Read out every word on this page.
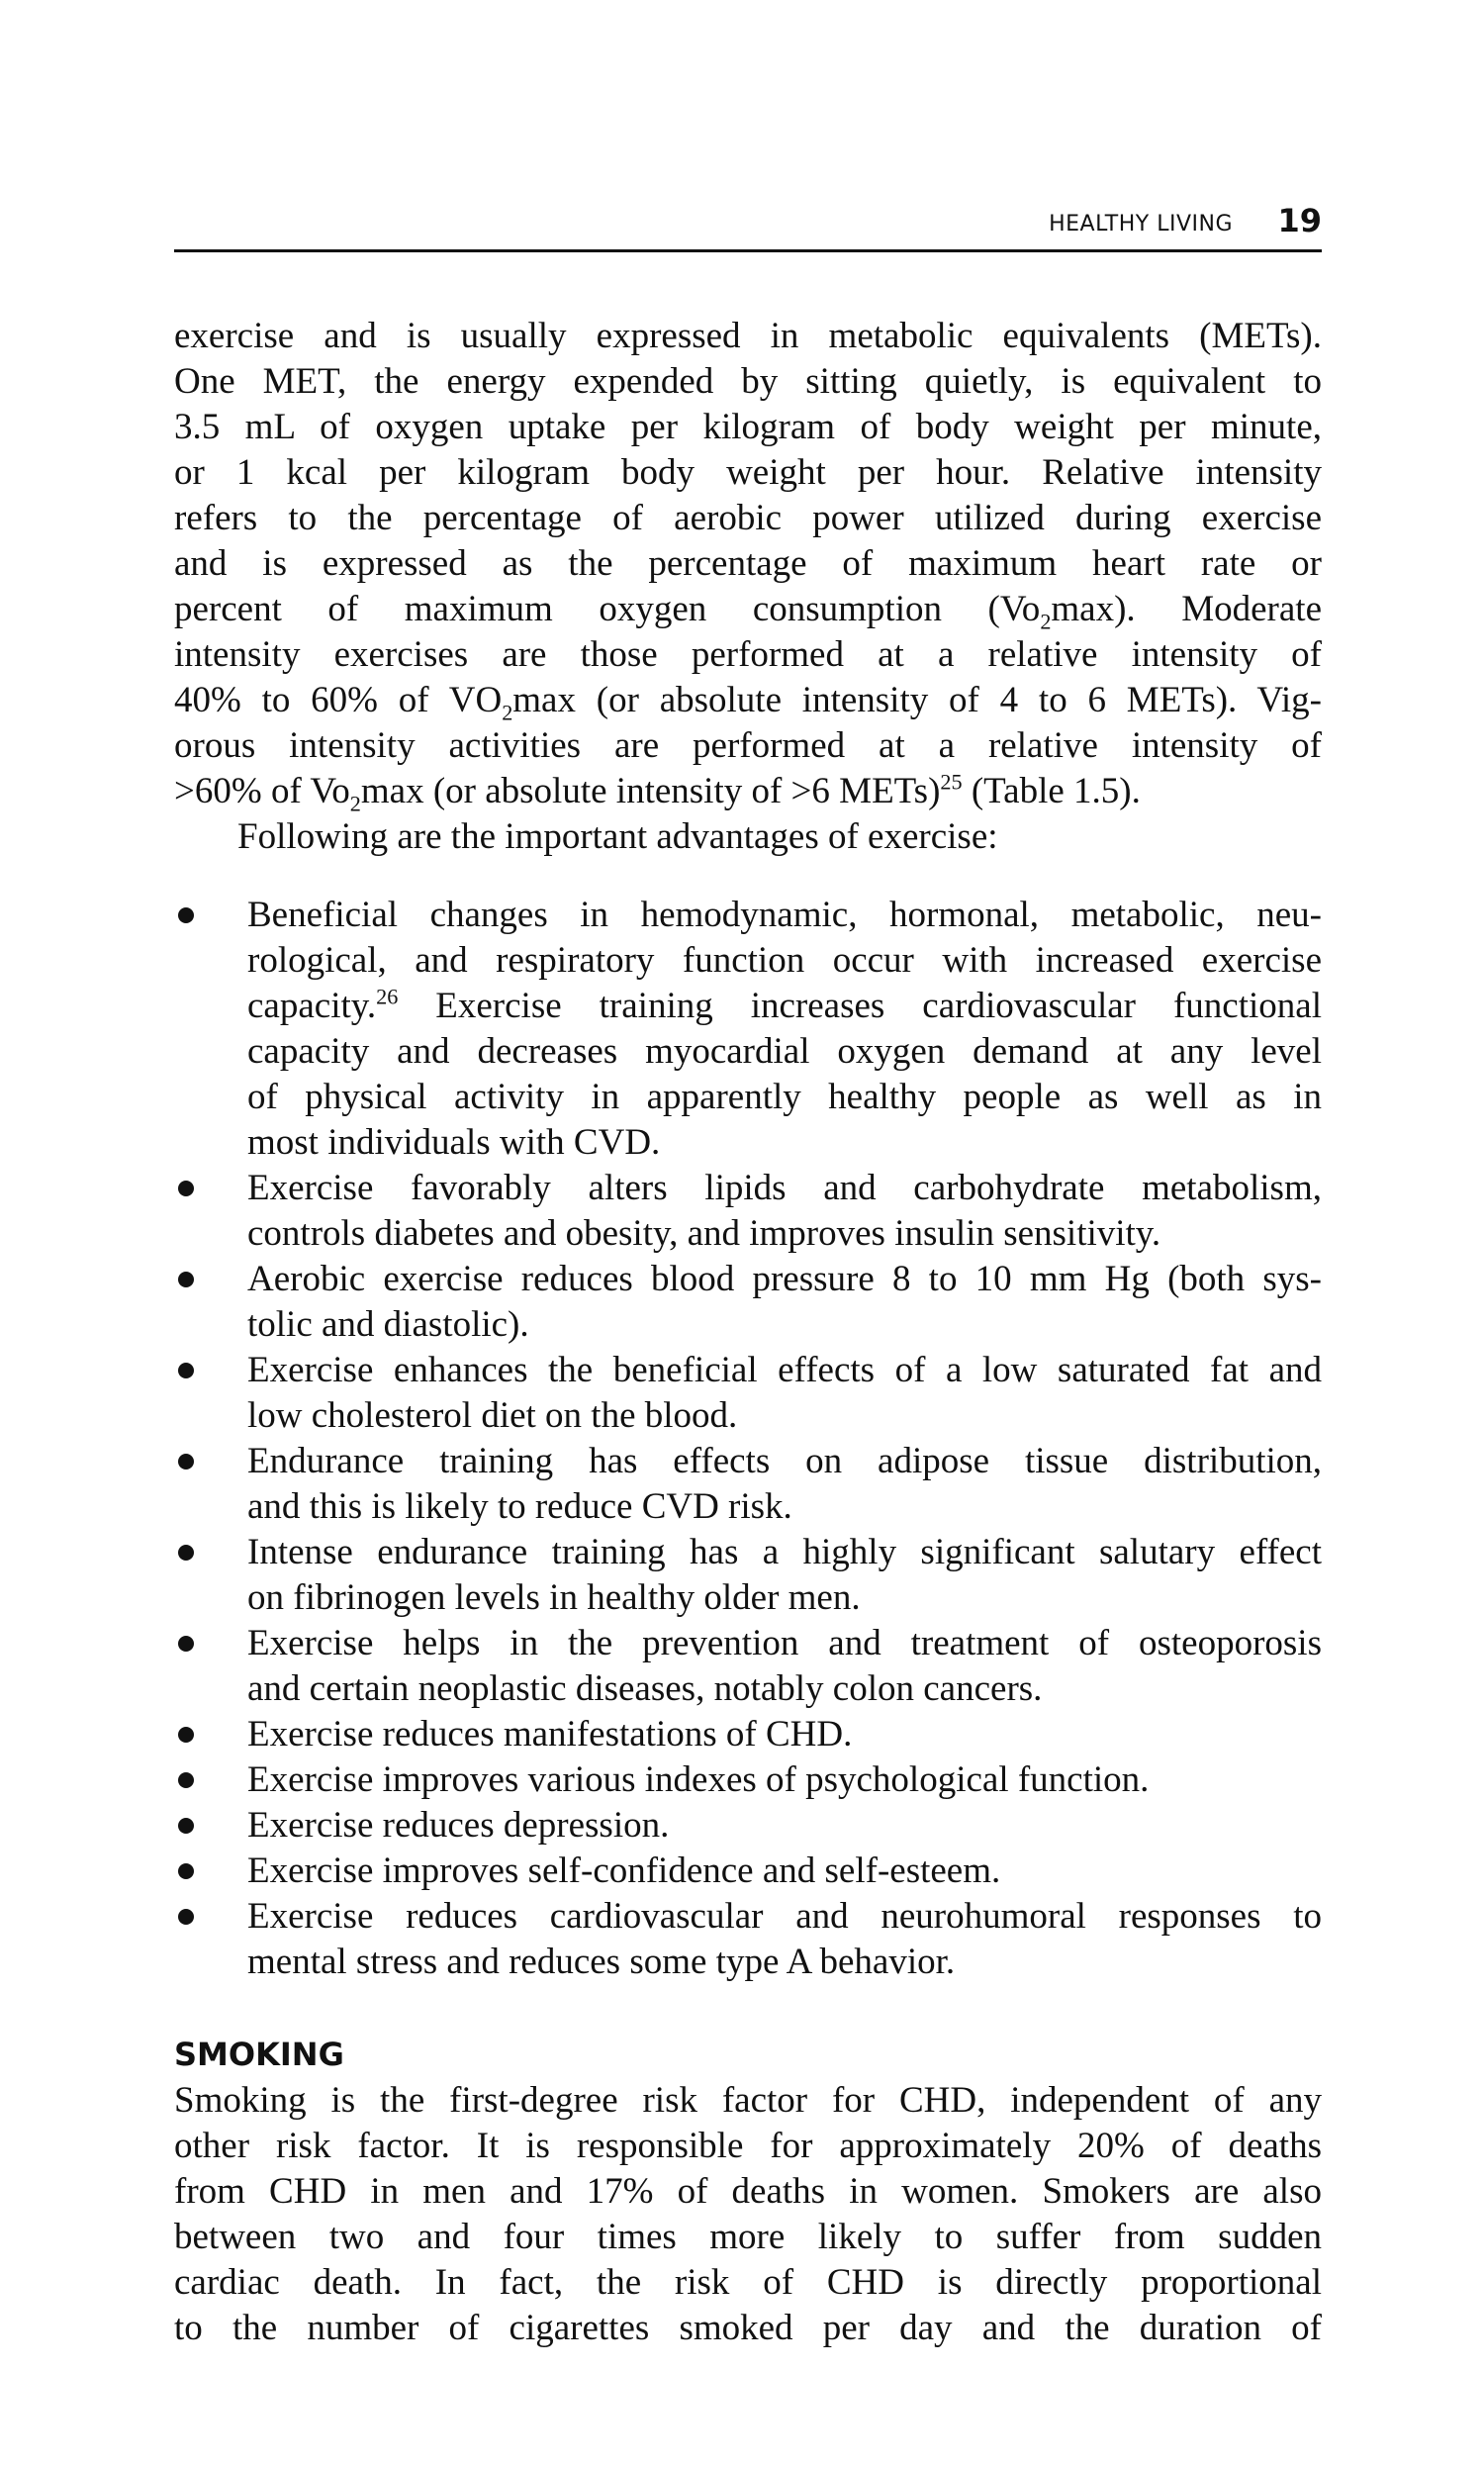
HEALTHY LIVING 19
exercise and is usually expressed in metabolic equivalents (METs).
One MET, the energy expended by sitting quietly, is equivalent to
3.5 mL of oxygen uptake per kilogram of body weight per minute,
or 1 kcal per kilogram body weight per hour. Relative intensity
refers to the percentage of aerobic power utilized during exercise
and is expressed as the percentage of maximum heart rate or
percent of maximum oxygen consumption $(Vo_2\max)$. Moderate
intensity exercises are those performed at a relative intensity of
40% to 60% of $VO_2\max$ (or absolute intensity of 4 to 6 METs). Vig-
orous intensity activities are performed at a relative intensity of
>60% of $Vo_2\max$ (or absolute intensity of >6 METs)$^{25}$ (Table 1.5).
Following are the important advantages of exercise:
Beneficial changes in hemodynamic, hormonal, metabolic, neu-
rological, and respiratory function occur with increased exercise
capacity.$^{26}$ Exercise training increases cardiovascular functional
capacity and decreases myocardial oxygen demand at any level
of physical activity in apparently healthy people as well as in
most individuals with CVD.
Exercise favorably alters lipids and carbohydrate metabolism,
controls diabetes and obesity, and improves insulin sensitivity.
Aerobic exercise reduces blood pressure 8 to 10 mm Hg (both sys-
tolic and diastolic).
Exercise enhances the beneficial effects of a low saturated fat and
low cholesterol diet on the blood.
Endurance training has effects on adipose tissue distribution,
and this is likely to reduce CVD risk.
Intense endurance training has a highly significant salutary effect
on fibrinogen levels in healthy older men.
Exercise helps in the prevention and treatment of osteoporosis
and certain neoplastic diseases, notably colon cancers.
Exercise reduces manifestations of CHD.
Exercise improves various indexes of psychological function.
Exercise reduces depression.
Exercise improves self-confidence and self-esteem.
Exercise reduces cardiovascular and neurohumoral responses to
mental stress and reduces some type A behavior.
SMOKING
Smoking is the first-degree risk factor for CHD, independent of any
other risk factor. It is responsible for approximately 20% of deaths
from CHD in men and 17% of deaths in women. Smokers are also
between two and four times more likely to suffer from sudden
cardiac death. In fact, the risk of CHD is directly proportional
to the number of cigarettes smoked per day and the duration of
